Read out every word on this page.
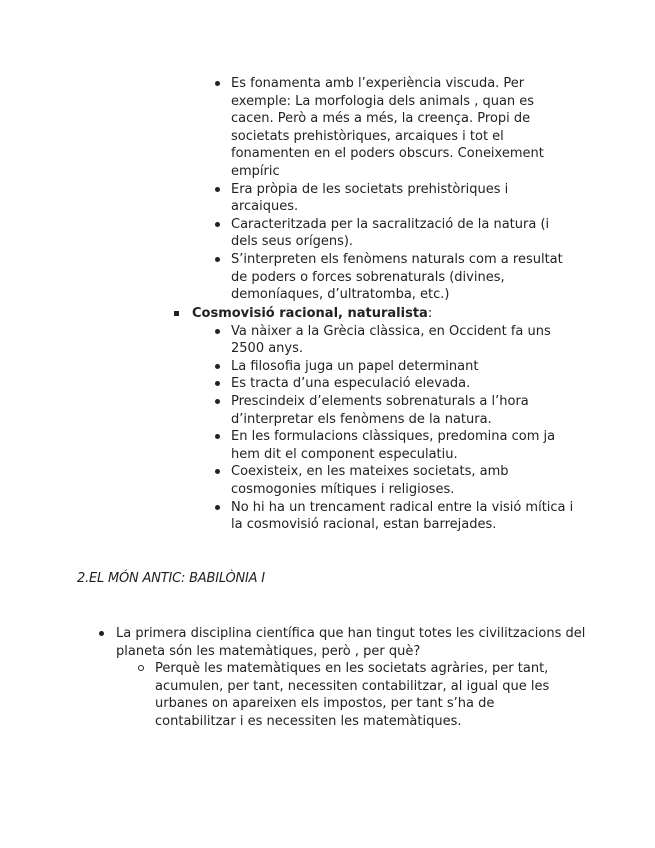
Es fonamenta amb l’experiència viscuda. Per exemple: La morfologia dels animals , quan es cacen. Però a més a més, la creença. Propi de societats prehistòriques, arcaiques i tot el fonamenten en el poders obscurs. Coneixement empíric
Era pròpia de les societats prehistòriques i arcaiques.
Caracteritzada per la sacralització de la natura (i dels seus orígens).
S’interpreten els fenòmens naturals com a resultat de poders o forces sobrenaturals (divines, demoníaques, d’ultratomba, etc.)
Cosmovisió racional, naturalista:
Va nàixer a la Grècia clàssica, en Occident fa uns 2500 anys.
La filosofia juga un papel determinant
Es tracta d’una especulació elevada.
Prescindeix d’elements sobrenaturals a l’hora d’interpretar els fenòmens de la natura.
En les formulacions clàssiques, predomina com ja hem dit el component especulatiu.
Coexisteix, en les mateixes societats, amb cosmogonies mítiques i religioses.
No hi ha un trencament radical entre la visió mítica i la cosmovisió racional, estan barrejades.
2.EL MÓN ANTIC: BABILÒNIA I
La primera disciplina científica que han tingut totes les civilitzacions del planeta són les matemàtiques, però , per què?
Perquè les matemàtiques en les societats agràries, per tant, acumulen, per tant, necessiten contabilitzar, al igual que les urbanes on apareixen els impostos, per tant s’ha de contabilitzar i es necessiten les matemàtiques.
